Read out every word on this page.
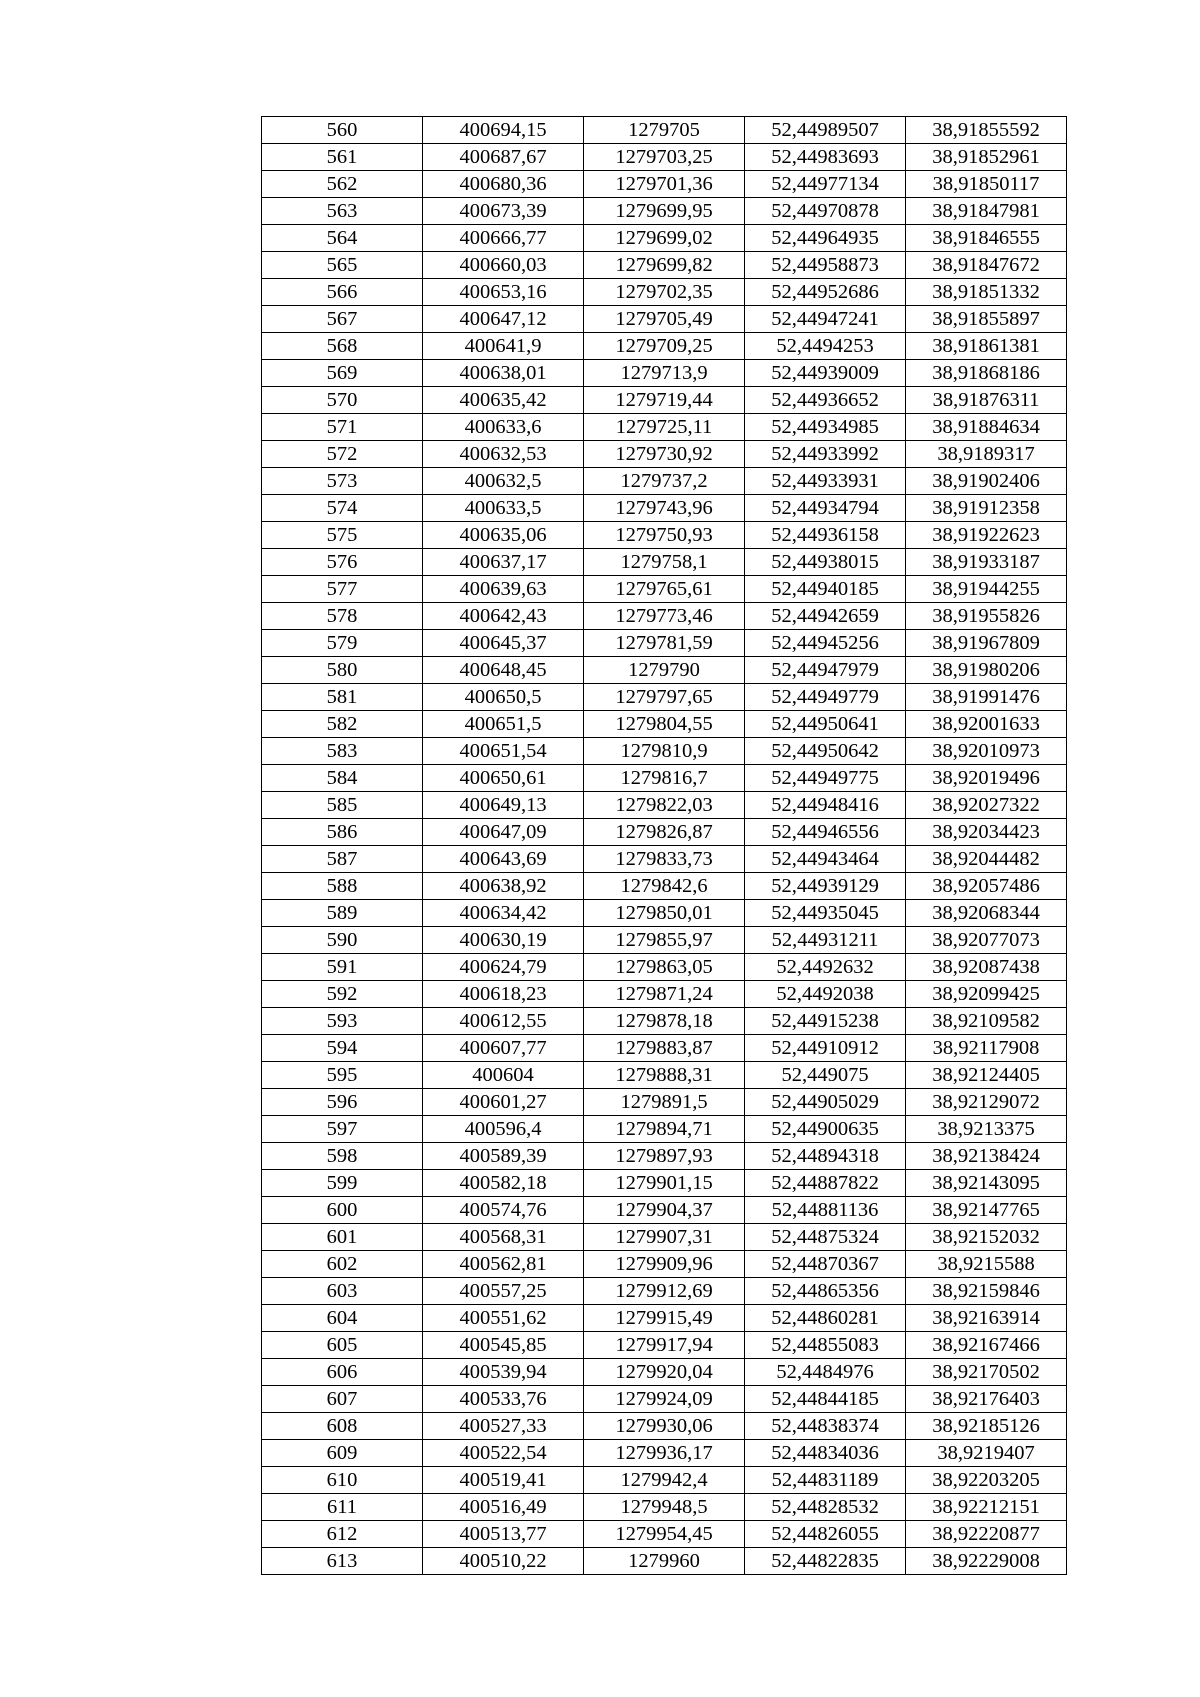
560	400694,15	1279705	52,44989507	38,91855592
561	400687,67	1279703,25	52,44983693	38,91852961
562	400680,36	1279701,36	52,44977134	38,91850117
563	400673,39	1279699,95	52,44970878	38,91847981
564	400666,77	1279699,02	52,44964935	38,91846555
565	400660,03	1279699,82	52,44958873	38,91847672
566	400653,16	1279702,35	52,44952686	38,91851332
567	400647,12	1279705,49	52,44947241	38,91855897
568	400641,9	1279709,25	52,4494253	38,91861381
569	400638,01	1279713,9	52,44939009	38,91868186
570	400635,42	1279719,44	52,44936652	38,91876311
571	400633,6	1279725,11	52,44934985	38,91884634
572	400632,53	1279730,92	52,44933992	38,9189317
573	400632,5	1279737,2	52,44933931	38,91902406
574	400633,5	1279743,96	52,44934794	38,91912358
575	400635,06	1279750,93	52,44936158	38,91922623
576	400637,17	1279758,1	52,44938015	38,91933187
577	400639,63	1279765,61	52,44940185	38,91944255
578	400642,43	1279773,46	52,44942659	38,91955826
579	400645,37	1279781,59	52,44945256	38,91967809
580	400648,45	1279790	52,44947979	38,91980206
581	400650,5	1279797,65	52,44949779	38,91991476
582	400651,5	1279804,55	52,44950641	38,92001633
583	400651,54	1279810,9	52,44950642	38,92010973
584	400650,61	1279816,7	52,44949775	38,92019496
585	400649,13	1279822,03	52,44948416	38,92027322
586	400647,09	1279826,87	52,44946556	38,92034423
587	400643,69	1279833,73	52,44943464	38,92044482
588	400638,92	1279842,6	52,44939129	38,92057486
589	400634,42	1279850,01	52,44935045	38,92068344
590	400630,19	1279855,97	52,44931211	38,92077073
591	400624,79	1279863,05	52,4492632	38,92087438
592	400618,23	1279871,24	52,4492038	38,92099425
593	400612,55	1279878,18	52,44915238	38,92109582
594	400607,77	1279883,87	52,44910912	38,92117908
595	400604	1279888,31	52,449075	38,92124405
596	400601,27	1279891,5	52,44905029	38,92129072
597	400596,4	1279894,71	52,44900635	38,9213375
598	400589,39	1279897,93	52,44894318	38,92138424
599	400582,18	1279901,15	52,44887822	38,92143095
600	400574,76	1279904,37	52,44881136	38,92147765
601	400568,31	1279907,31	52,44875324	38,92152032
602	400562,81	1279909,96	52,44870367	38,9215588
603	400557,25	1279912,69	52,44865356	38,92159846
604	400551,62	1279915,49	52,44860281	38,92163914
605	400545,85	1279917,94	52,44855083	38,92167466
606	400539,94	1279920,04	52,4484976	38,92170502
607	400533,76	1279924,09	52,44844185	38,92176403
608	400527,33	1279930,06	52,44838374	38,92185126
609	400522,54	1279936,17	52,44834036	38,9219407
610	400519,41	1279942,4	52,44831189	38,92203205
611	400516,49	1279948,5	52,44828532	38,92212151
612	400513,77	1279954,45	52,44826055	38,92220877
613	400510,22	1279960	52,44822835	38,92229008
